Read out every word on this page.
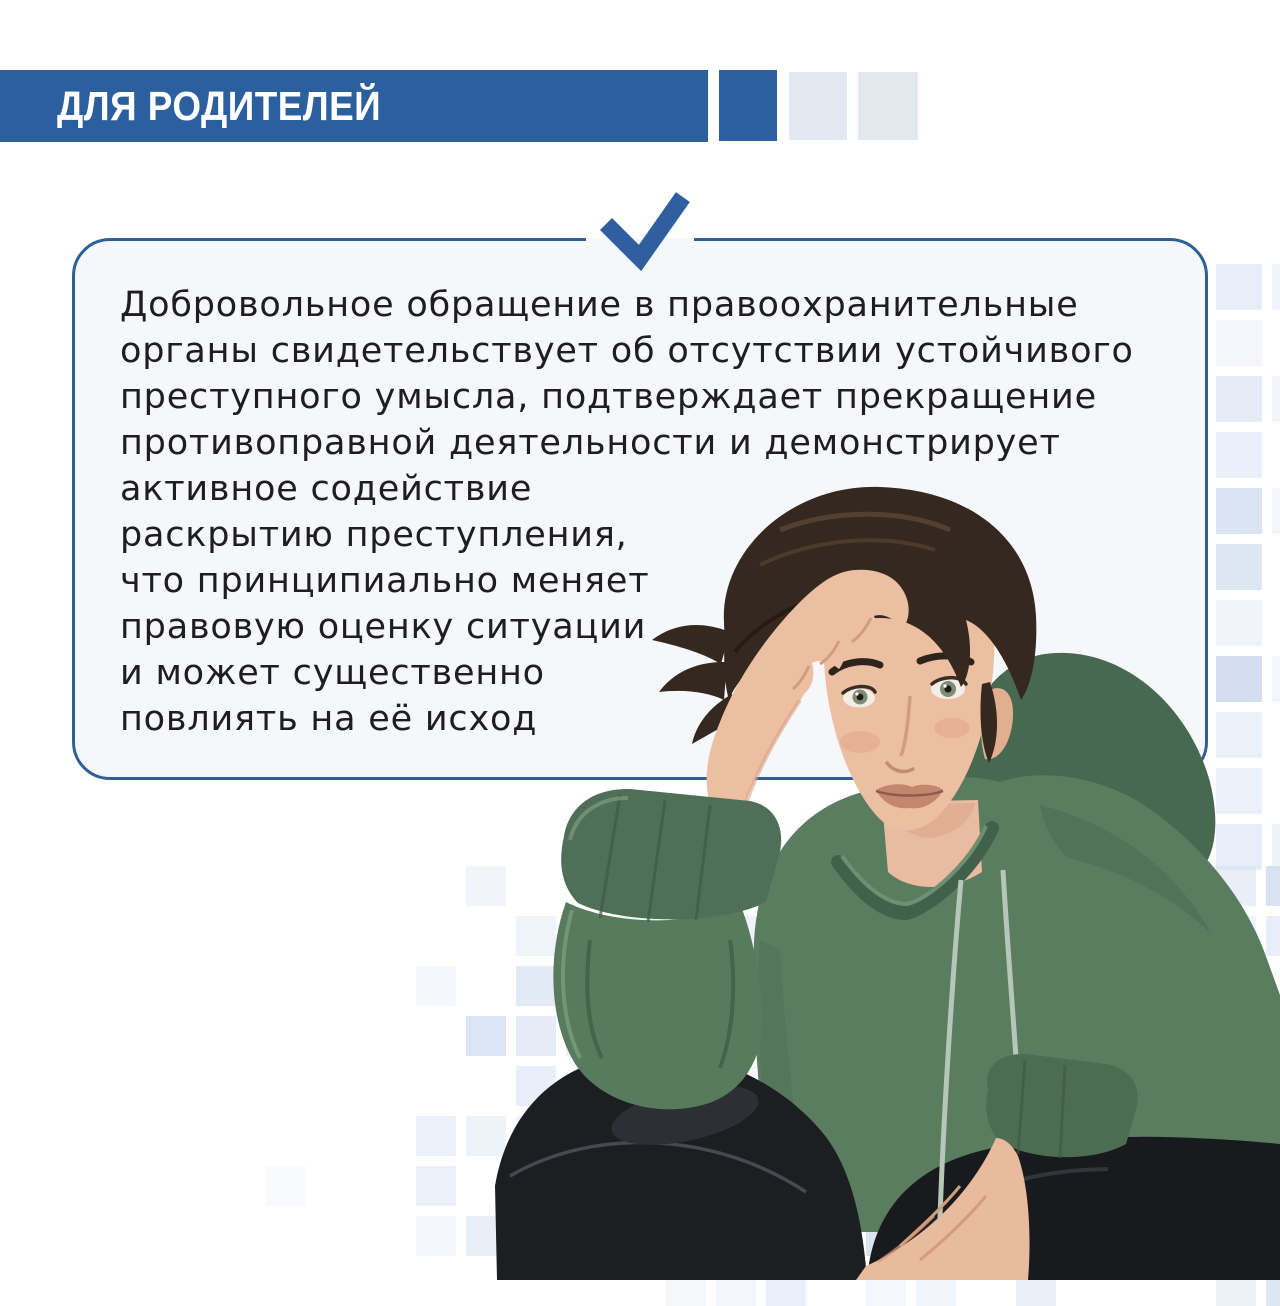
ДЛЯ РОДИТЕЛЕЙ
Добровольное обращение в правоохранительные
органы свидетельствует об отсутствии устойчивого
преступного умысла, подтверждает прекращение
противоправной деятельности и демонстрирует
активное содействие
раскрытию преступления,
что принципиально меняет
правовую оценку ситуации
и может существенно
повлиять на её исход
